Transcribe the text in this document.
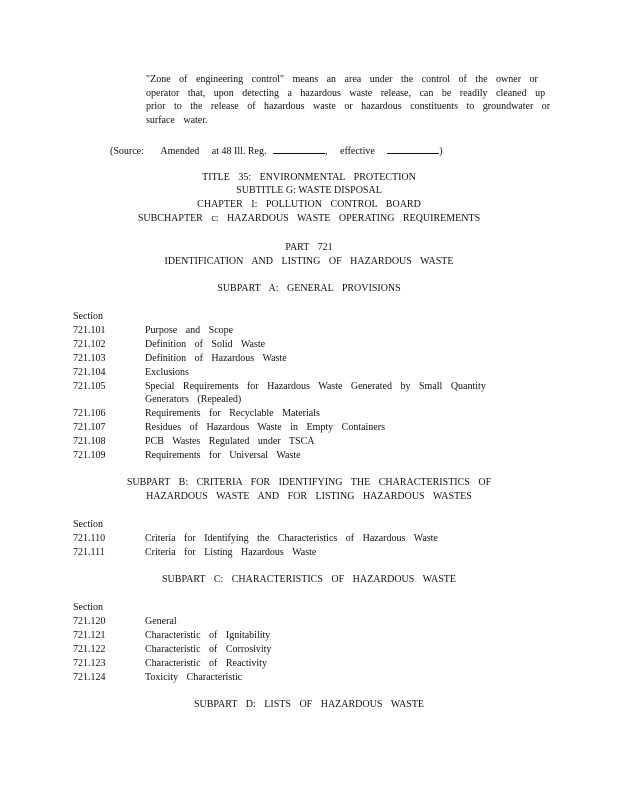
"Zone of engineering control" means an area under the control of the owner or
operator that, upon detecting a hazardous waste release, can be readily cleaned up
prior to the release of hazardous waste or hazardous constituents to groundwater or
surface water.
(Source: Amended at 48 Ill. Reg.	, effective	)
TITLE 35: ENVIRONMENTAL PROTECTION
SUBTITLE G: WASTE DISPOSAL
CHAPTER I: POLLUTION CONTROL BOARD
SUBCHAPTER c: HAZARDOUS WASTE OPERATING REQUIREMENTS
PART 721
IDENTIFICATION AND LISTING OF HAZARDOUS WASTE
SUBPART A: GENERAL PROVISIONS
Section
721.101	Purpose and Scope
721.102	Definition of Solid Waste
721.103	Definition of Hazardous Waste
721.104	Exclusions
721.105	Special Requirements for Hazardous Waste Generated by Small Quantity
Generators (Repealed)
721.106	Requirements for Recyclable Materials
721.107	Residues of Hazardous Waste in Empty Containers
721.108	PCB Wastes Regulated under TSCA
721.109	Requirements for Universal Waste
SUBPART B: CRITERIA FOR IDENTIFYING THE CHARACTERISTICS OF
HAZARDOUS WASTE AND FOR LISTING HAZARDOUS WASTES
Section
721.110	Criteria for Identifying the Characteristics of Hazardous Waste
721.111	Criteria for Listing Hazardous Waste
SUBPART C: CHARACTERISTICS OF HAZARDOUS WASTE
Section
721.120	General
721.121	Characteristic of Ignitability
721.122	Characteristic of Corrosivity
721.123	Characteristic of Reactivity
721.124	Toxicity Characteristic
SUBPART D: LISTS OF HAZARDOUS WASTE
